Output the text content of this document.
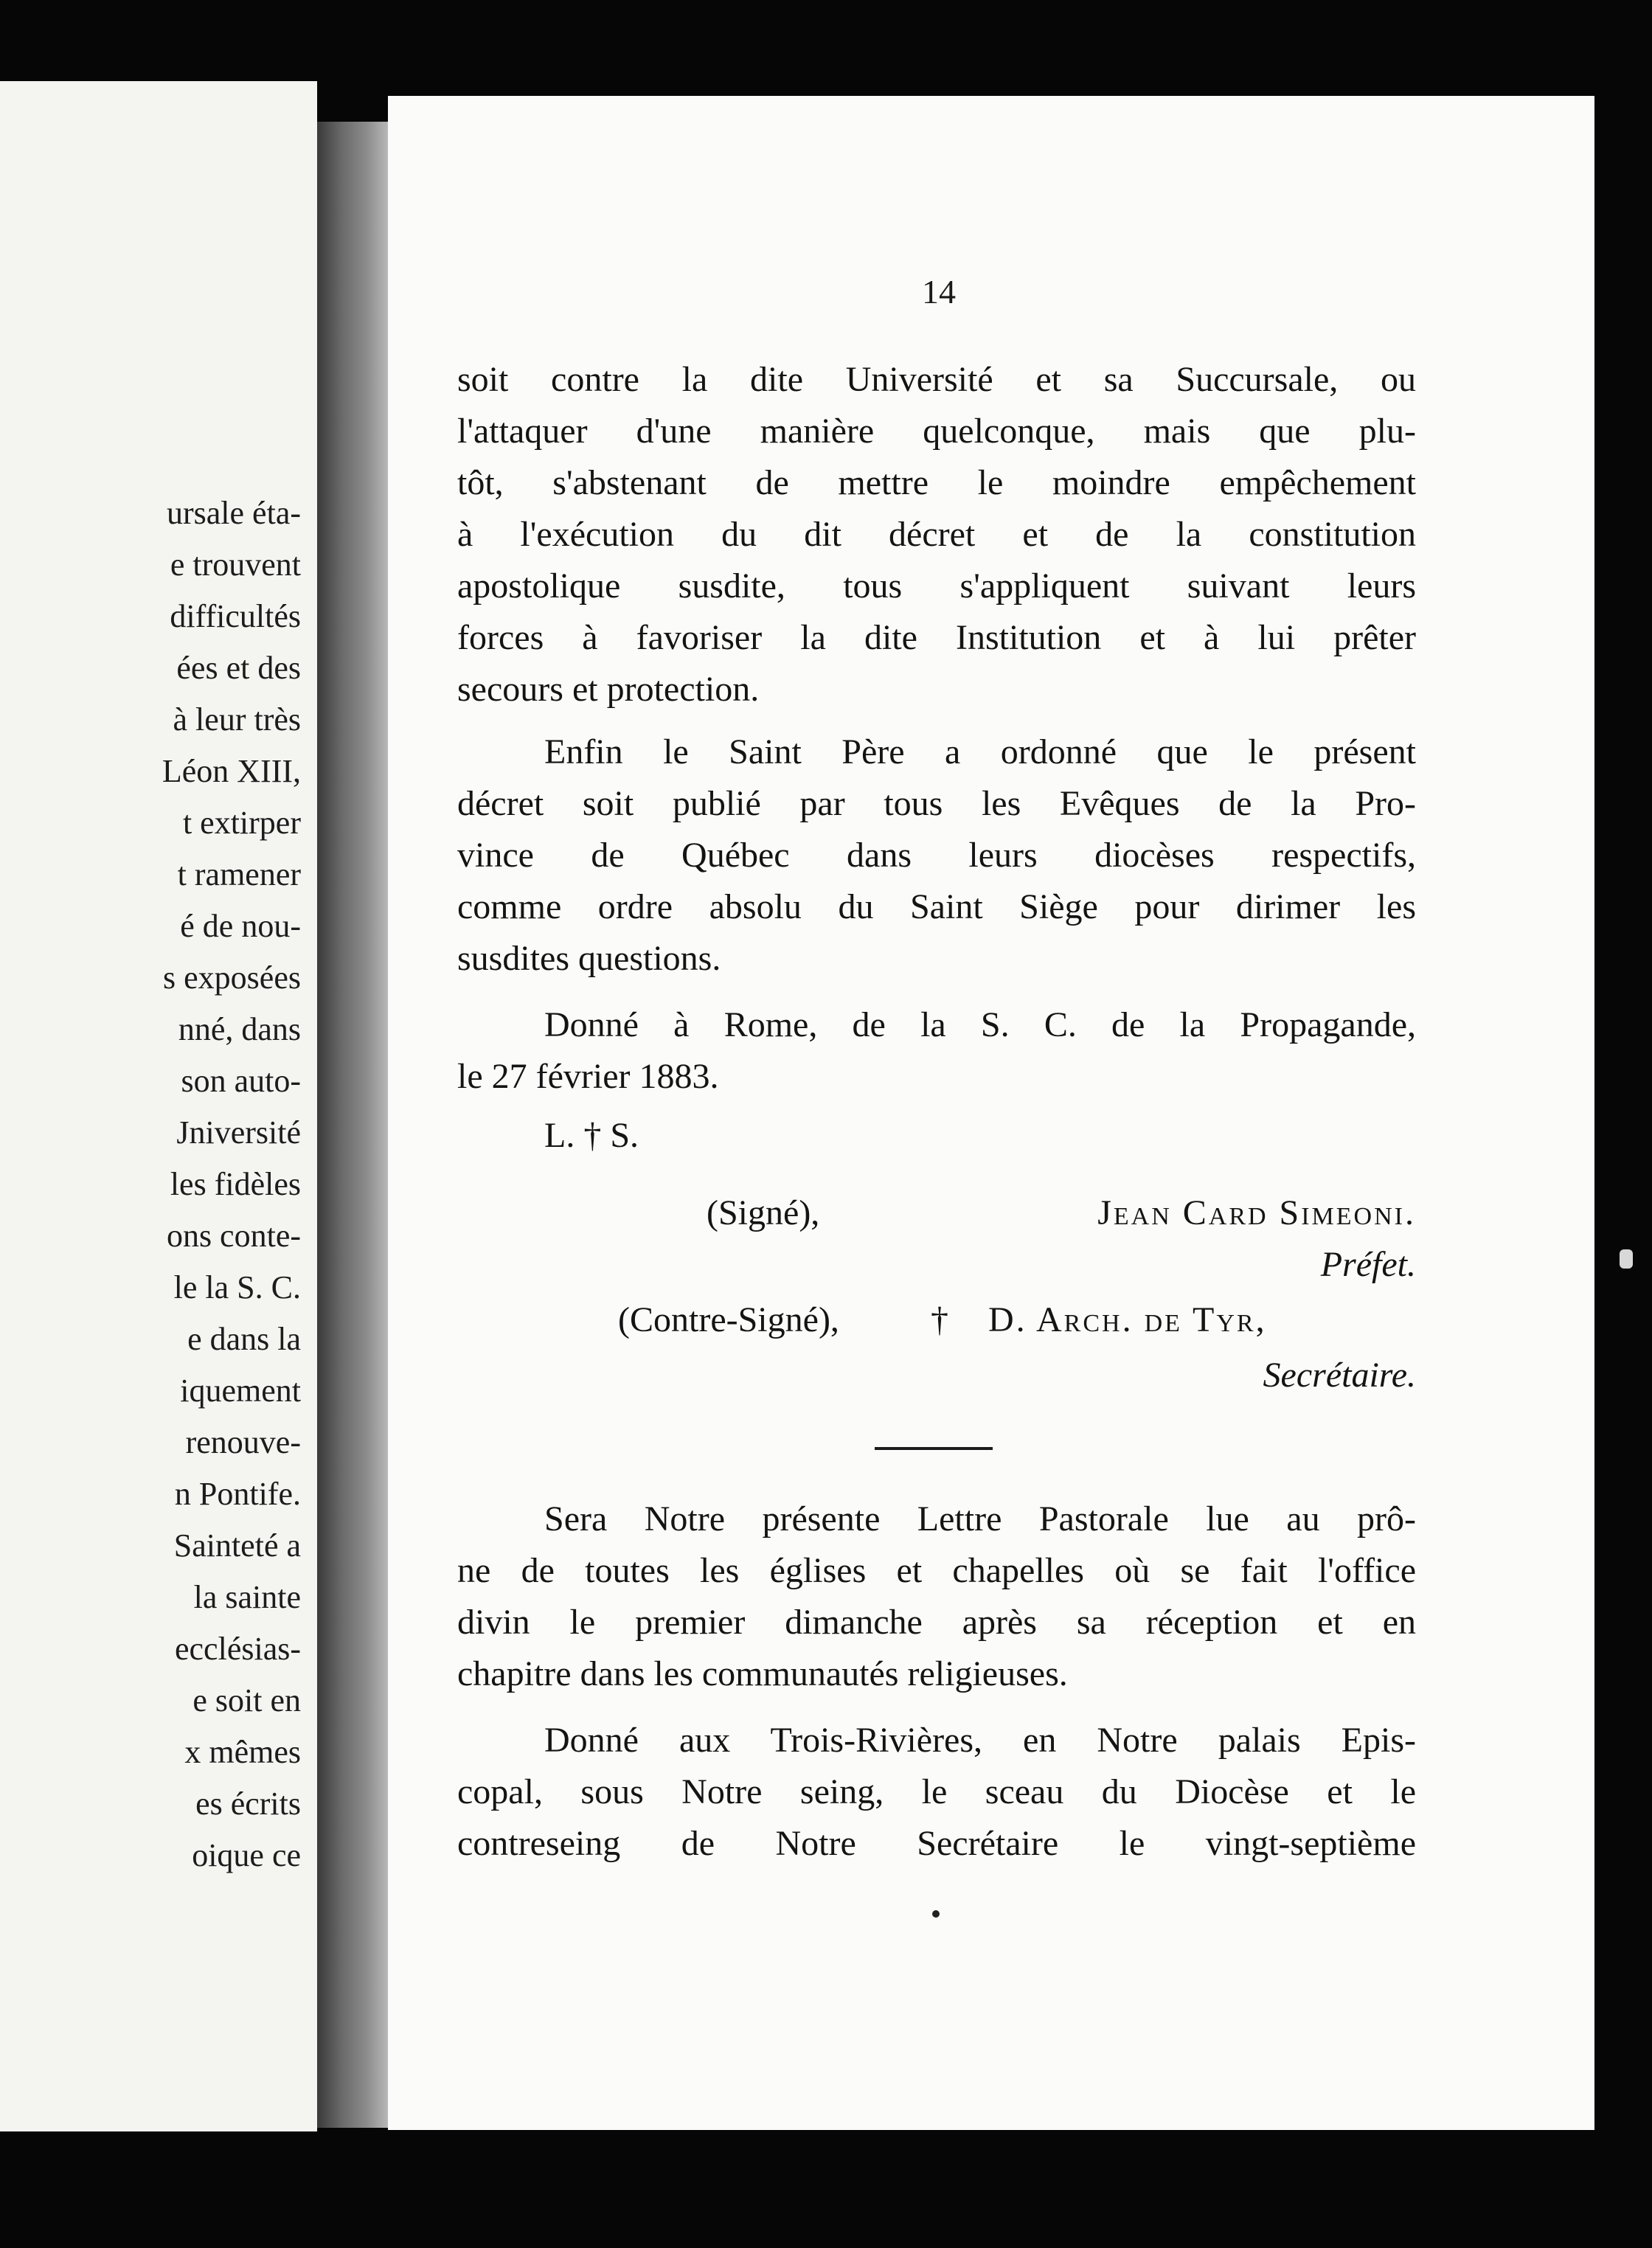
ursale éta-
e trouvent
difficultés
ées et des
à leur très
Léon XIII,
t extirper
t ramener
é de nou-
s exposées
nné, dans
son auto-
Jniversité
les fidèles
ons conte-
le la S. C.
e dans la
iquement
renouve-
n Pontife.
Sainteté a
la sainte
ecclésias-
e soit en
x mêmes
es écrits
oique ce
14
soit contre la dite Université et sa Succursale, ou
l'attaquer d'une manière quelconque, mais que plu-
tôt, s'abstenant de mettre le moindre empêchement
à l'exécution du dit décret et de la constitution
apostolique susdite, tous s'appliquent suivant leurs
forces à favoriser la dite Institution et à lui prêter
secours et protection.
Enfin le Saint Père a ordonné que le présent
décret soit publié par tous les Evêques de la Pro-
vince de Québec dans leurs diocèses respectifs,
comme ordre absolu du Saint Siège pour dirimer les
susdites questions.
Donné à Rome, de la S. C. de la Propagande,
le 27 février 1883.
L. † S.
(Signé),	Jean Card Simeoni.
Préfet.
(Contre-Signé),	† D. Arch. de Tyr,
Secrétaire.
Sera Notre présente Lettre Pastorale lue au prô-
ne de toutes les églises et chapelles où se fait l'office
divin le premier dimanche après sa réception et en
chapitre dans les communautés religieuses.
Donné aux Trois-Rivières, en Notre palais Epis-
copal, sous Notre seing, le sceau du Diocèse et le
contreseing de Notre Secrétaire le vingt-septième
